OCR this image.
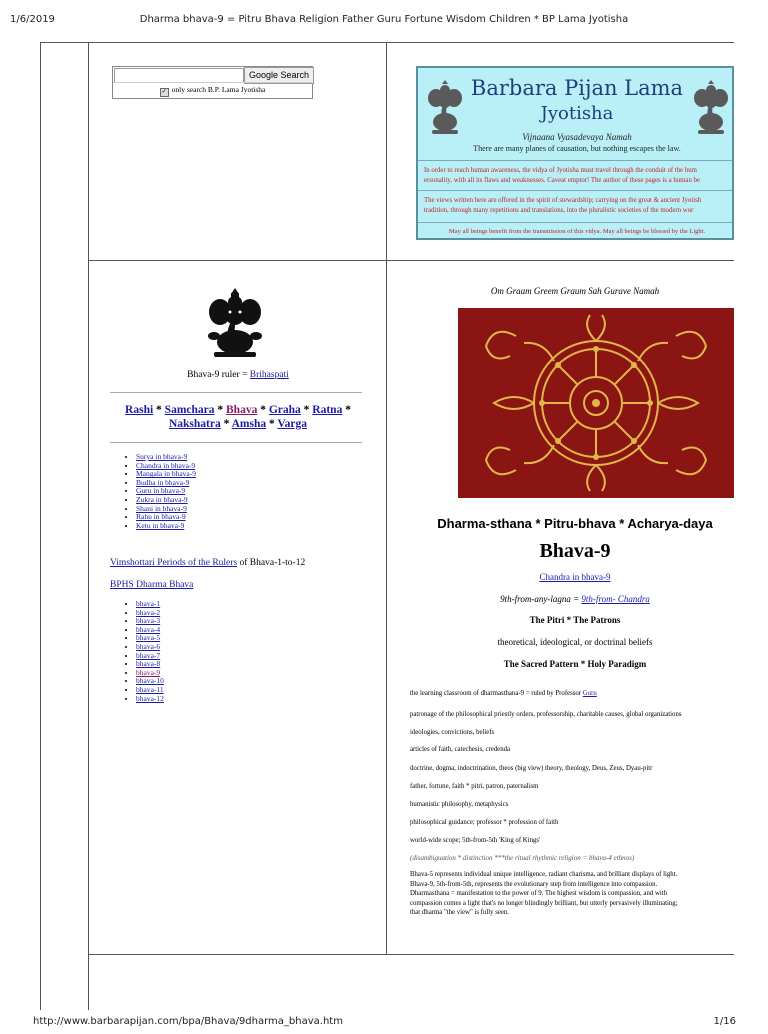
1/6/2019	Dharma bhava-9 = Pitru Bhava Religion Father Guru Fortune Wisdom Children * BP Lama Jyotisha
http://www.barbarapijan.com/bpa/Bhava/9dharma_bhava.htm	1/16
Google Search
✓ only search B.P. Lama Jyotisha	Barbara Pijan Lama
Jyotisha
Vijnaana Vyasadevaya Namah
There are many planes of causation, but nothing escapes the law.
In order to reach human awareness, the vidya of Jyotisha must travel through the conduit of the hum
ersonality, with all its flaws and weaknesses. Caveat emptor! The author of these pages is a human be
The views written here are offered in the spirit of stewardship; carrying on the great & ancient Jyotish
tradition, through many repetitions and translations, into the pluralistic societies of the modern wor
May all beings benefit from the transmission of this vidya. May all beings be blessed by the Light.
Bhava-9 ruler = Brihaspati
Rashi * Samchara * Bhava * Graha * Ratna *
Nakshatra * Amsha * Varga
• Surya in bhava-9
• Chandra in bhava-9
• Mangala in bhava-9
• Budha in bhava-9
• Guru in bhava-9
• Zukra in bhava-9
• Shani in bhava-9
• Rahu in bhava-9
• Ketu in bhava-9
Vimshottari Periods of the Rulers of Bhava-1-to-12
BPHS Dharma Bhava
• bhava-1
• bhava-2
• bhava-3
• bhava-4
• bhava-5
• bhava-6
• bhava-7
• bhava-8
• bhava-9
• bhava-10
• bhava-11
• bhava-12
Om Graam Greem Graum Sah Gurave Namah
Dharma-sthana * Pitru-bhava * Acharya-daya
Bhava-9
Chandra in bhava-9
9th-from-any-lagna = 9th-from- Chandra
The Pitri * The Patrons
theoretical, ideological, or doctrinal beliefs
The Sacred Pattern * Holy Paradigm
the learning classroom of dharmasthana-9 = ruled by Professor Guru
patronage of the philosophical priestly orders, professorship, charitable causes, global organizations
ideologies, convictions, beliefs
articles of faith, catechesis, credenda
doctrine, dogma, indoctrination, theos (big view) theory, theology, Deus, Zeus, Dyau-pitr
father, fortune, faith * pitri, patron, paternalism
humanistic philosophy, metaphysics
philosophical guidance; professor * profession of faith
world-wide scope; 5th-from-5th 'King of Kings'
(disambiguation * distinction ***the ritual rhythmic religion = bhava-4 ethnos)
Bhava-5 represents individual unique intelligence, radiant charisma, and brilliant displays of light.
Bhava-9, 5th-from-5th, represents the evolutionary step from intelligence into compassion.
Dharmasthana = manifestation to the power of 9. The highest wisdom is compassion, and with
compassion comes a light that's no longer blindingly brilliant, but utterly pervasively illuminating;
that dharma "the view" is fully seen.
